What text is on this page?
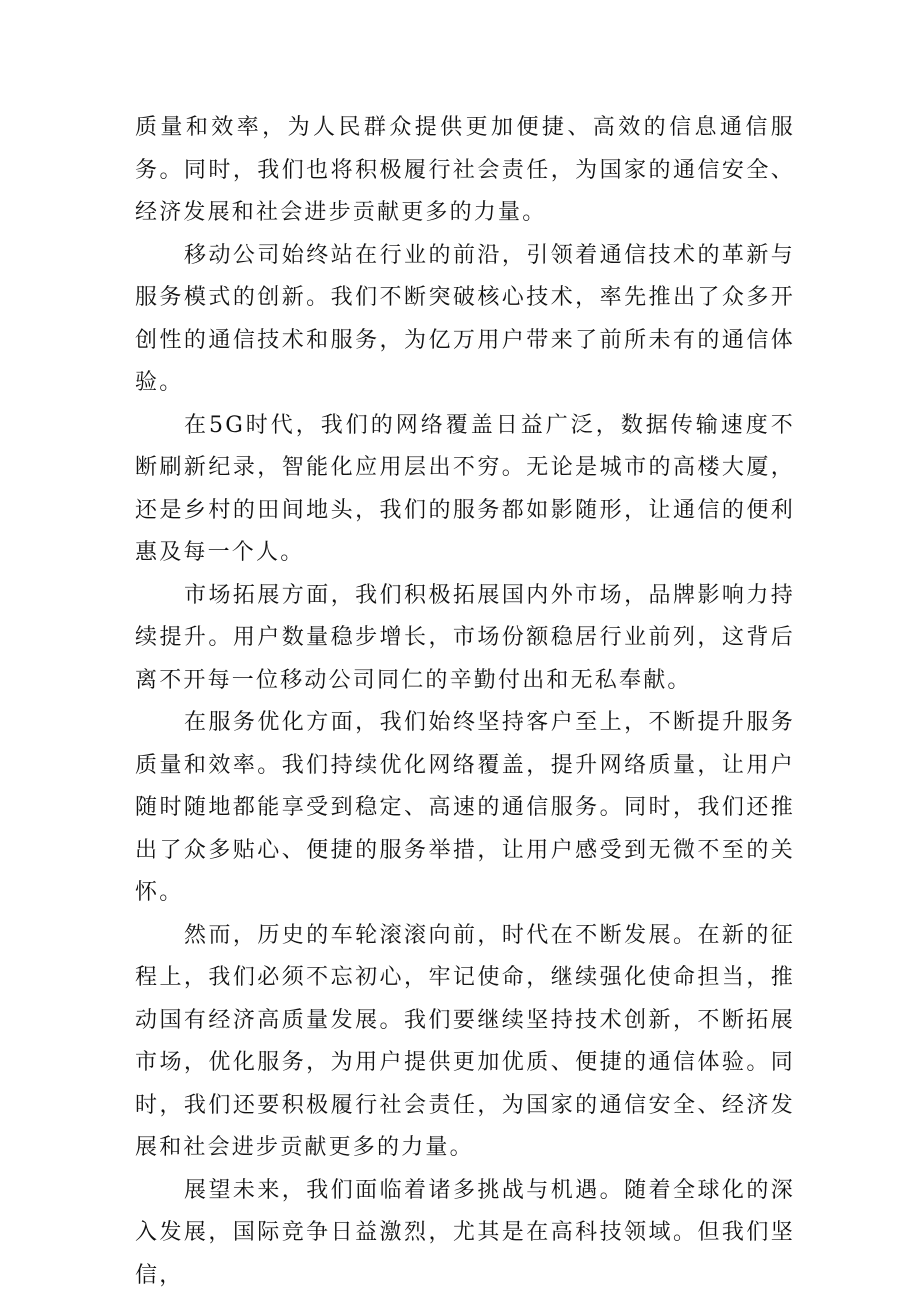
质量和效率，为人民群众提供更加便捷、高效的信息通信服务。同时，我们也将积极履行社会责任，为国家的通信安全、经济发展和社会进步贡献更多的力量。

移动公司始终站在行业的前沿，引领着通信技术的革新与服务模式的创新。我们不断突破核心技术，率先推出了众多开创性的通信技术和服务，为亿万用户带来了前所未有的通信体验。

在5G时代，我们的网络覆盖日益广泛，数据传输速度不断刷新纪录，智能化应用层出不穷。无论是城市的高楼大厦，还是乡村的田间地头，我们的服务都如影随形，让通信的便利惠及每一个人。

市场拓展方面，我们积极拓展国内外市场，品牌影响力持续提升。用户数量稳步增长，市场份额稳居行业前列，这背后离不开每一位移动公司同仁的辛勤付出和无私奉献。

在服务优化方面，我们始终坚持客户至上，不断提升服务质量和效率。我们持续优化网络覆盖，提升网络质量，让用户随时随地都能享受到稳定、高速的通信服务。同时，我们还推出了众多贴心、便捷的服务举措，让用户感受到无微不至的关怀。

然而，历史的车轮滚滚向前，时代在不断发展。在新的征程上，我们必须不忘初心，牢记使命，继续强化使命担当，推动国有经济高质量发展。我们要继续坚持技术创新，不断拓展市场，优化服务，为用户提供更加优质、便捷的通信体验。同时，我们还要积极履行社会责任，为国家的通信安全、经济发展和社会进步贡献更多的力量。

展望未来，我们面临着诸多挑战与机遇。随着全球化的深入发展，国际竞争日益激烈，尤其是在高科技领域。但我们坚信，
